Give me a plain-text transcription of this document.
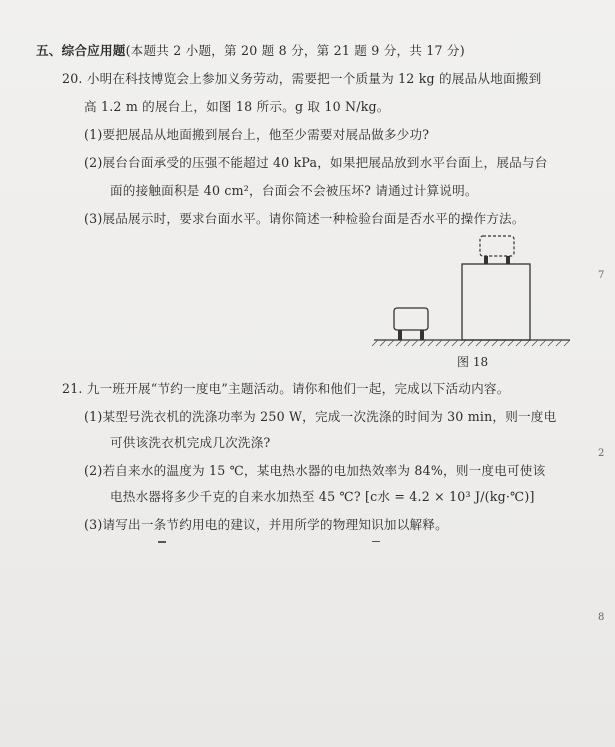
五、综合应用题(本题共 2 小题，第 20 题 8 分，第 21 题 9 分，共 17 分)
20. 小明在科技博览会上参加义务劳动，需要把一个质量为 12 kg 的展品从地面搬到
高 1.2 m 的展台上，如图 18 所示。g 取 10 N/kg。
(1)要把展品从地面搬到展台上，他至少需要对展品做多少功?
(2)展台台面承受的压强不能超过 40 kPa，如果把展品放到水平台面上，展品与台
面的接触面积是 40 cm²，台面会不会被压坏? 请通过计算说明。
(3)展品展示时，要求台面水平。请你简述一种检验台面是否水平的操作方法。
图 18
21. 九一班开展“节约一度电”主题活动。请你和他们一起，完成以下活动内容。
(1)某型号洗衣机的洗涤功率为 250 W，完成一次洗涤的时间为 30 min，则一度电
可供该洗衣机完成几次洗涤?
(2)若自来水的温度为 15 ℃，某电热水器的电加热效率为 84%，则一度电可使该
电热水器将多少千克的自来水加热至 45 ℃? [c水 = 4.2 × 10³ J/(kg·℃)]
(3)请写出一条节约用电的建议，并用所学的物理知识加以解释。
7
2
8
